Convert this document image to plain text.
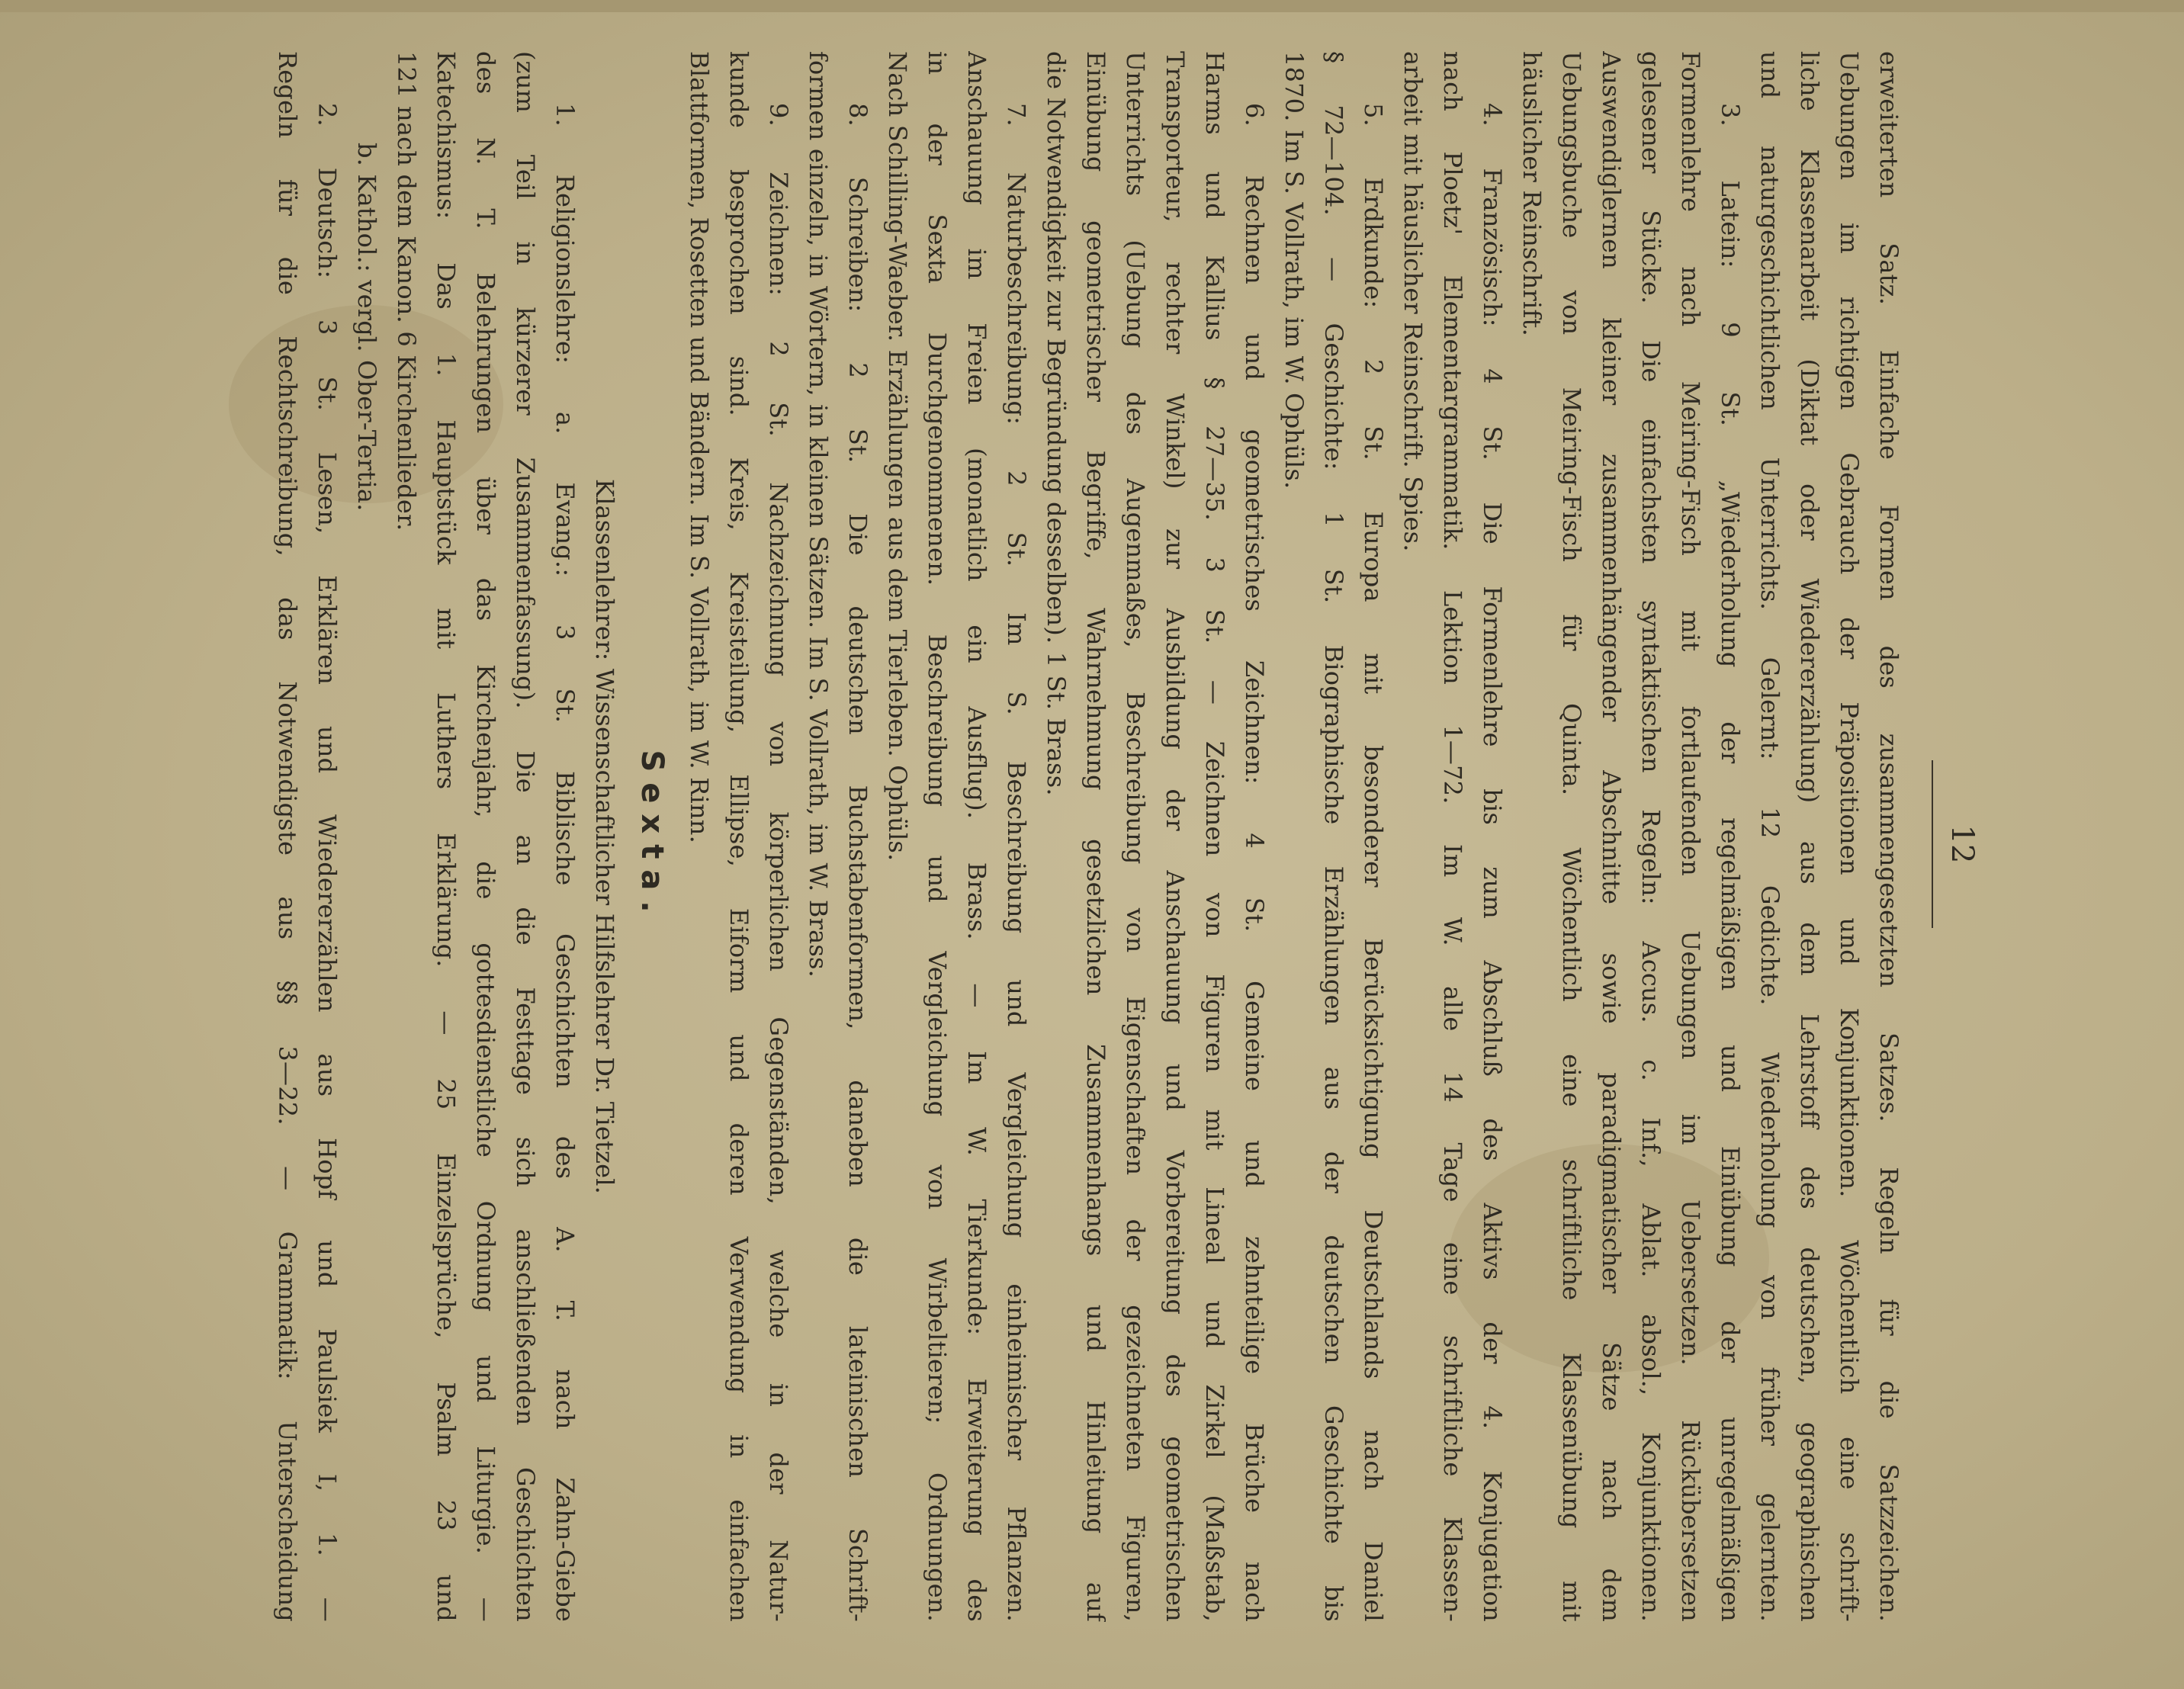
12
erweiterten Satz. Einfache Formen des zusammengesetzten Satzes. Regeln für die Satzzeichen.
Uebungen im richtigen Gebrauch der Präpositionen und Konjunktionen. Wöchentlich eine schrift-
liche Klassenarbeit (Diktat oder Wiedererzählung) aus dem Lehrstoff des deutschen, geographischen
und naturgeschichtlichen Unterrichts. Gelernt: 12 Gedichte. Wiederholung von früher gelernten.
3. Latein: 9 St. „Wiederholung der regelmäßigen und Einübung der unregelmäßigen
Formenlehre nach Meiring-Fisch mit fortlaufenden Uebungen im Uebersetzen. Rückübersetzen
gelesener Stücke. Die einfachsten syntaktischen Regeln: Accus. c. Inf., Ablat. absol., Konjunktionen.
Auswendiglernen kleiner zusammenhängender Abschnitte sowie paradigmatischer Sätze nach dem
Uebungsbuche von Meiring-Fisch für Quinta. Wöchentlich eine schriftliche Klassenübung mit
häuslicher Reinschrift.
4. Französisch: 4 St. Die Formenlehre bis zum Abschluß des Aktivs der 4. Konjugation
nach Ploetz' Elementargrammatik. Lektion 1—72. Im W. alle 14 Tage eine schriftliche Klassen-
arbeit mit häuslicher Reinschrift. Spies.
5. Erdkunde: 2 St. Europa mit besonderer Berücksichtigung Deutschlands nach Daniel
§ 72—104. — Geschichte: 1 St. Biographische Erzählungen aus der deutschen Geschichte bis
1870. Im S. Vollrath, im W. Ophüls.
6. Rechnen und geometrisches Zeichnen: 4 St. Gemeine und zehnteilige Brüche nach
Harms und Kallius § 27—35. 3 St. — Zeichnen von Figuren mit Lineal und Zirkel (Maßstab,
Transporteur, rechter Winkel) zur Ausbildung der Anschauung und Vorbereitung des geometrischen
Unterrichts (Uebung des Augenmaßes, Beschreibung von Eigenschaften der gezeichneten Figuren,
Einübung geometrischer Begriffe, Wahrnehmung gesetzlichen Zusammenhangs und Hinleitung auf
die Notwendigkeit zur Begründung desselben). 1 St. Brass.
7. Naturbeschreibung: 2 St. Im S. Beschreibung und Vergleichung einheimischer Pflanzen.
Anschauung im Freien (monatlich ein Ausflug). Brass. — Im W. Tierkunde: Erweiterung des
in der Sexta Durchgenommenen. Beschreibung und Vergleichung von Wirbeltieren; Ordnungen.
Nach Schilling-Waeber. Erzählungen aus dem Tierleben. Ophüls.
8. Schreiben: 2 St. Die deutschen Buchstabenformen, daneben die lateinischen Schrift-
formen einzeln, in Wörtern, in kleinen Sätzen. Im S. Vollrath, im W. Brass.
9. Zeichnen: 2 St. Nachzeichnung von körperlichen Gegenständen, welche in der Natur-
kunde besprochen sind. Kreis, Kreisteilung, Ellipse, Eiform und deren Verwendung in einfachen
Blattformen, Rosetten und Bändern. Im S. Vollrath, im W. Rinn.
Sexta.
Klassenlehrer: Wissenschaftlicher Hilfslehrer Dr. Tietzel.
1. Religionslehre: a. Evang.: 3 St. Biblische Geschichten des A. T. nach Zahn-Giebe
(zum Teil in kürzerer Zusammenfassung). Die an die Festtage sich anschließenden Geschichten
des N. T. Belehrungen über das Kirchenjahr, die gottesdienstliche Ordnung und Liturgie. —
Katechismus: Das 1. Hauptstück mit Luthers Erklärung. — 25 Einzelsprüche, Psalm 23 und
121 nach dem Kanon. 6 Kirchenlieder.
b. Kathol.: vergl. Ober-Tertia.
2. Deutsch: 3 St. Lesen, Erklären und Wiedererzählen aus Hopf und Paulsiek I, 1. —
Regeln für die Rechtschreibung, das Notwendigste aus §§ 3—22. — Grammatik: Unterscheidung
